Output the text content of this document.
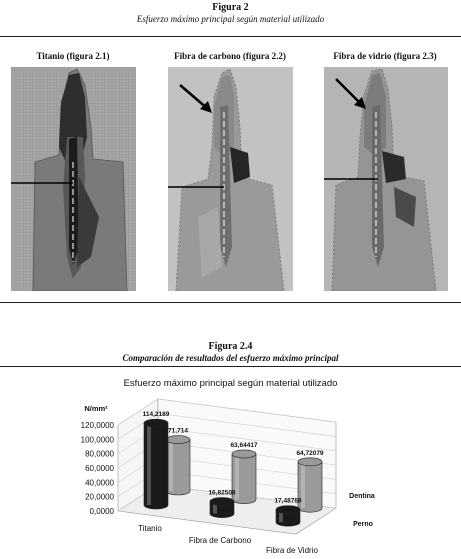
Figura 2
Esfuerzo máximo principal según material utilizado
Titanio (figura 2.1)	Fibra de carbono (figura 2.2)	Fibra de vidrio (figura 2.3)
Figura 2.4
Comparación de resultados del esfuerzo máximo principal
Esfuerzo máximo principal según material utilizado
120,0000
100,0000
80,0000
60,0000
40,0000
20,0000
0,0000
N/mm²
71,714
63,64417
64,72079
114,2189
16,82508
17,48768
Titanio
Fibra de Carbono
Fibra de Vidrio
Perno
Dentina
